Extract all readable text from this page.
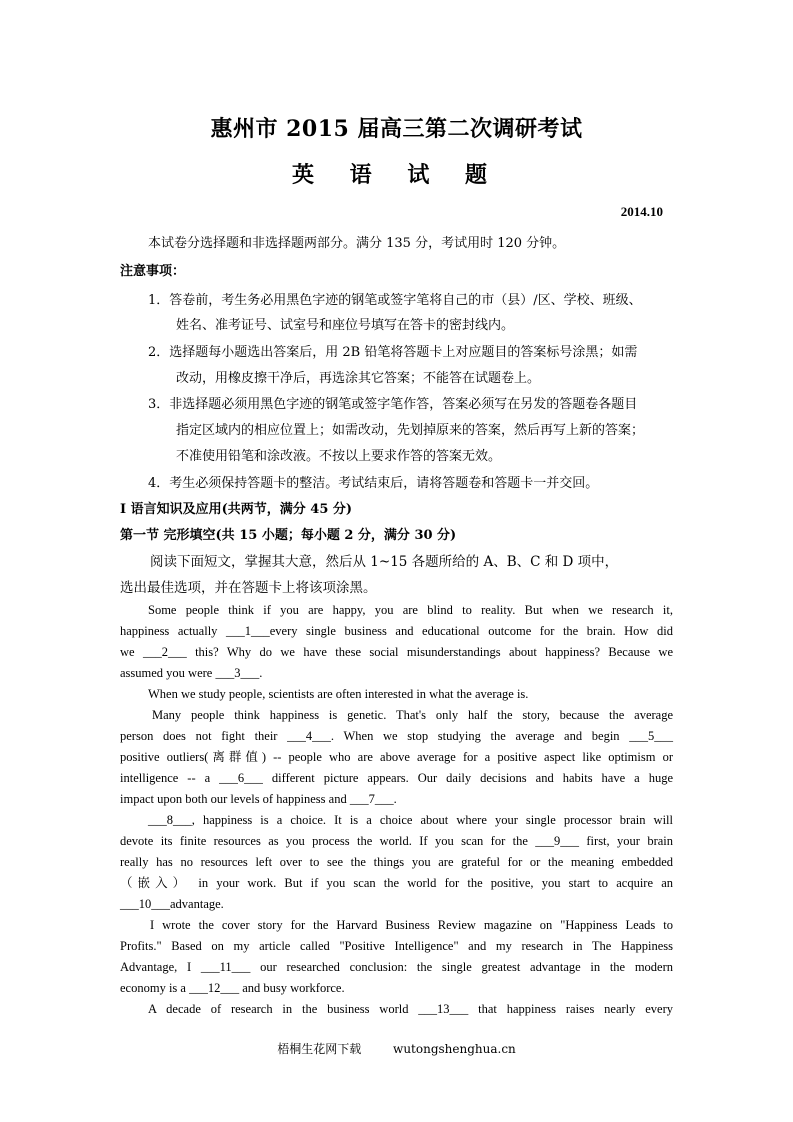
惠州市 2015 届高三第二次调研考试
英 语 试 题
2014.10
本试卷分选择题和非选择题两部分。满分 135 分，考试用时 120 分钟。
注意事项：
1．答卷前，考生务必用黑色字迹的钢笔或签字笔将自己的市（县）/区、学校、班级、
姓名、准考证号、试室号和座位号填写在答卡的密封线内。
2．选择题每小题选出答案后，用 2B 铅笔将答题卡上对应题目的答案标号涂黑；如需
改动，用橡皮擦干净后，再选涂其它答案；不能答在试题卷上。
3．非选择题必须用黑色字迹的钢笔或签字笔作答，答案必须写在另发的答题卷各题目
指定区域内的相应位置上；如需改动，先划掉原来的答案，然后再写上新的答案；
不准使用铅笔和涂改液。不按以上要求作答的答案无效。
4．考生必须保持答题卡的整洁。考试结束后，请将答题卷和答题卡一并交回。
Ⅰ 语言知识及应用(共两节，满分 45 分)
第一节 完形填空(共 15 小题；每小题 2 分，满分 30 分)
阅读下面短文，掌握其大意，然后从 1~15 各题所给的 A、B、C 和 D 项中，
选出最佳选项，并在答题卡上将该项涂黑。
Some people think if you are happy, you are blind to reality. But when we research it,
happiness actually ___1___every single business and educational outcome for the brain. How did
we ___2___ this? Why do we have these social misunderstandings about happiness? Because we
assumed you were ___3___.
When we study people, scientists are often interested in what the average is.
Many people think happiness is genetic. That's only half the story, because the average
person does not fight their ___4___. When we stop studying the average and begin ___5___
positive outliers(离群值) -- people who are above average for a positive aspect like optimism or
intelligence -- a ___6___ different picture appears. Our daily decisions and habits have a huge
impact upon both our levels of happiness and ___7___.
___8___, happiness is a choice. It is a choice about where your single processor brain will
devote its finite resources as you process the world. If you scan for the ___9___ first, your brain
really has no resources left over to see the things you are grateful for or the meaning embedded
（嵌入） in your work. But if you scan the world for the positive, you start to acquire an
___10___advantage.
I wrote the cover story for the Harvard Business Review magazine on "Happiness Leads to
Profits." Based on my article called "Positive Intelligence" and my research in The Happiness
Advantage, I ___11___ our researched conclusion: the single greatest advantage in the modern
economy is a ___12___ and busy workforce.
A decade of research in the business world ___13___ that happiness raises nearly every
梧桐生花网下载	wutongshenghua.cn
